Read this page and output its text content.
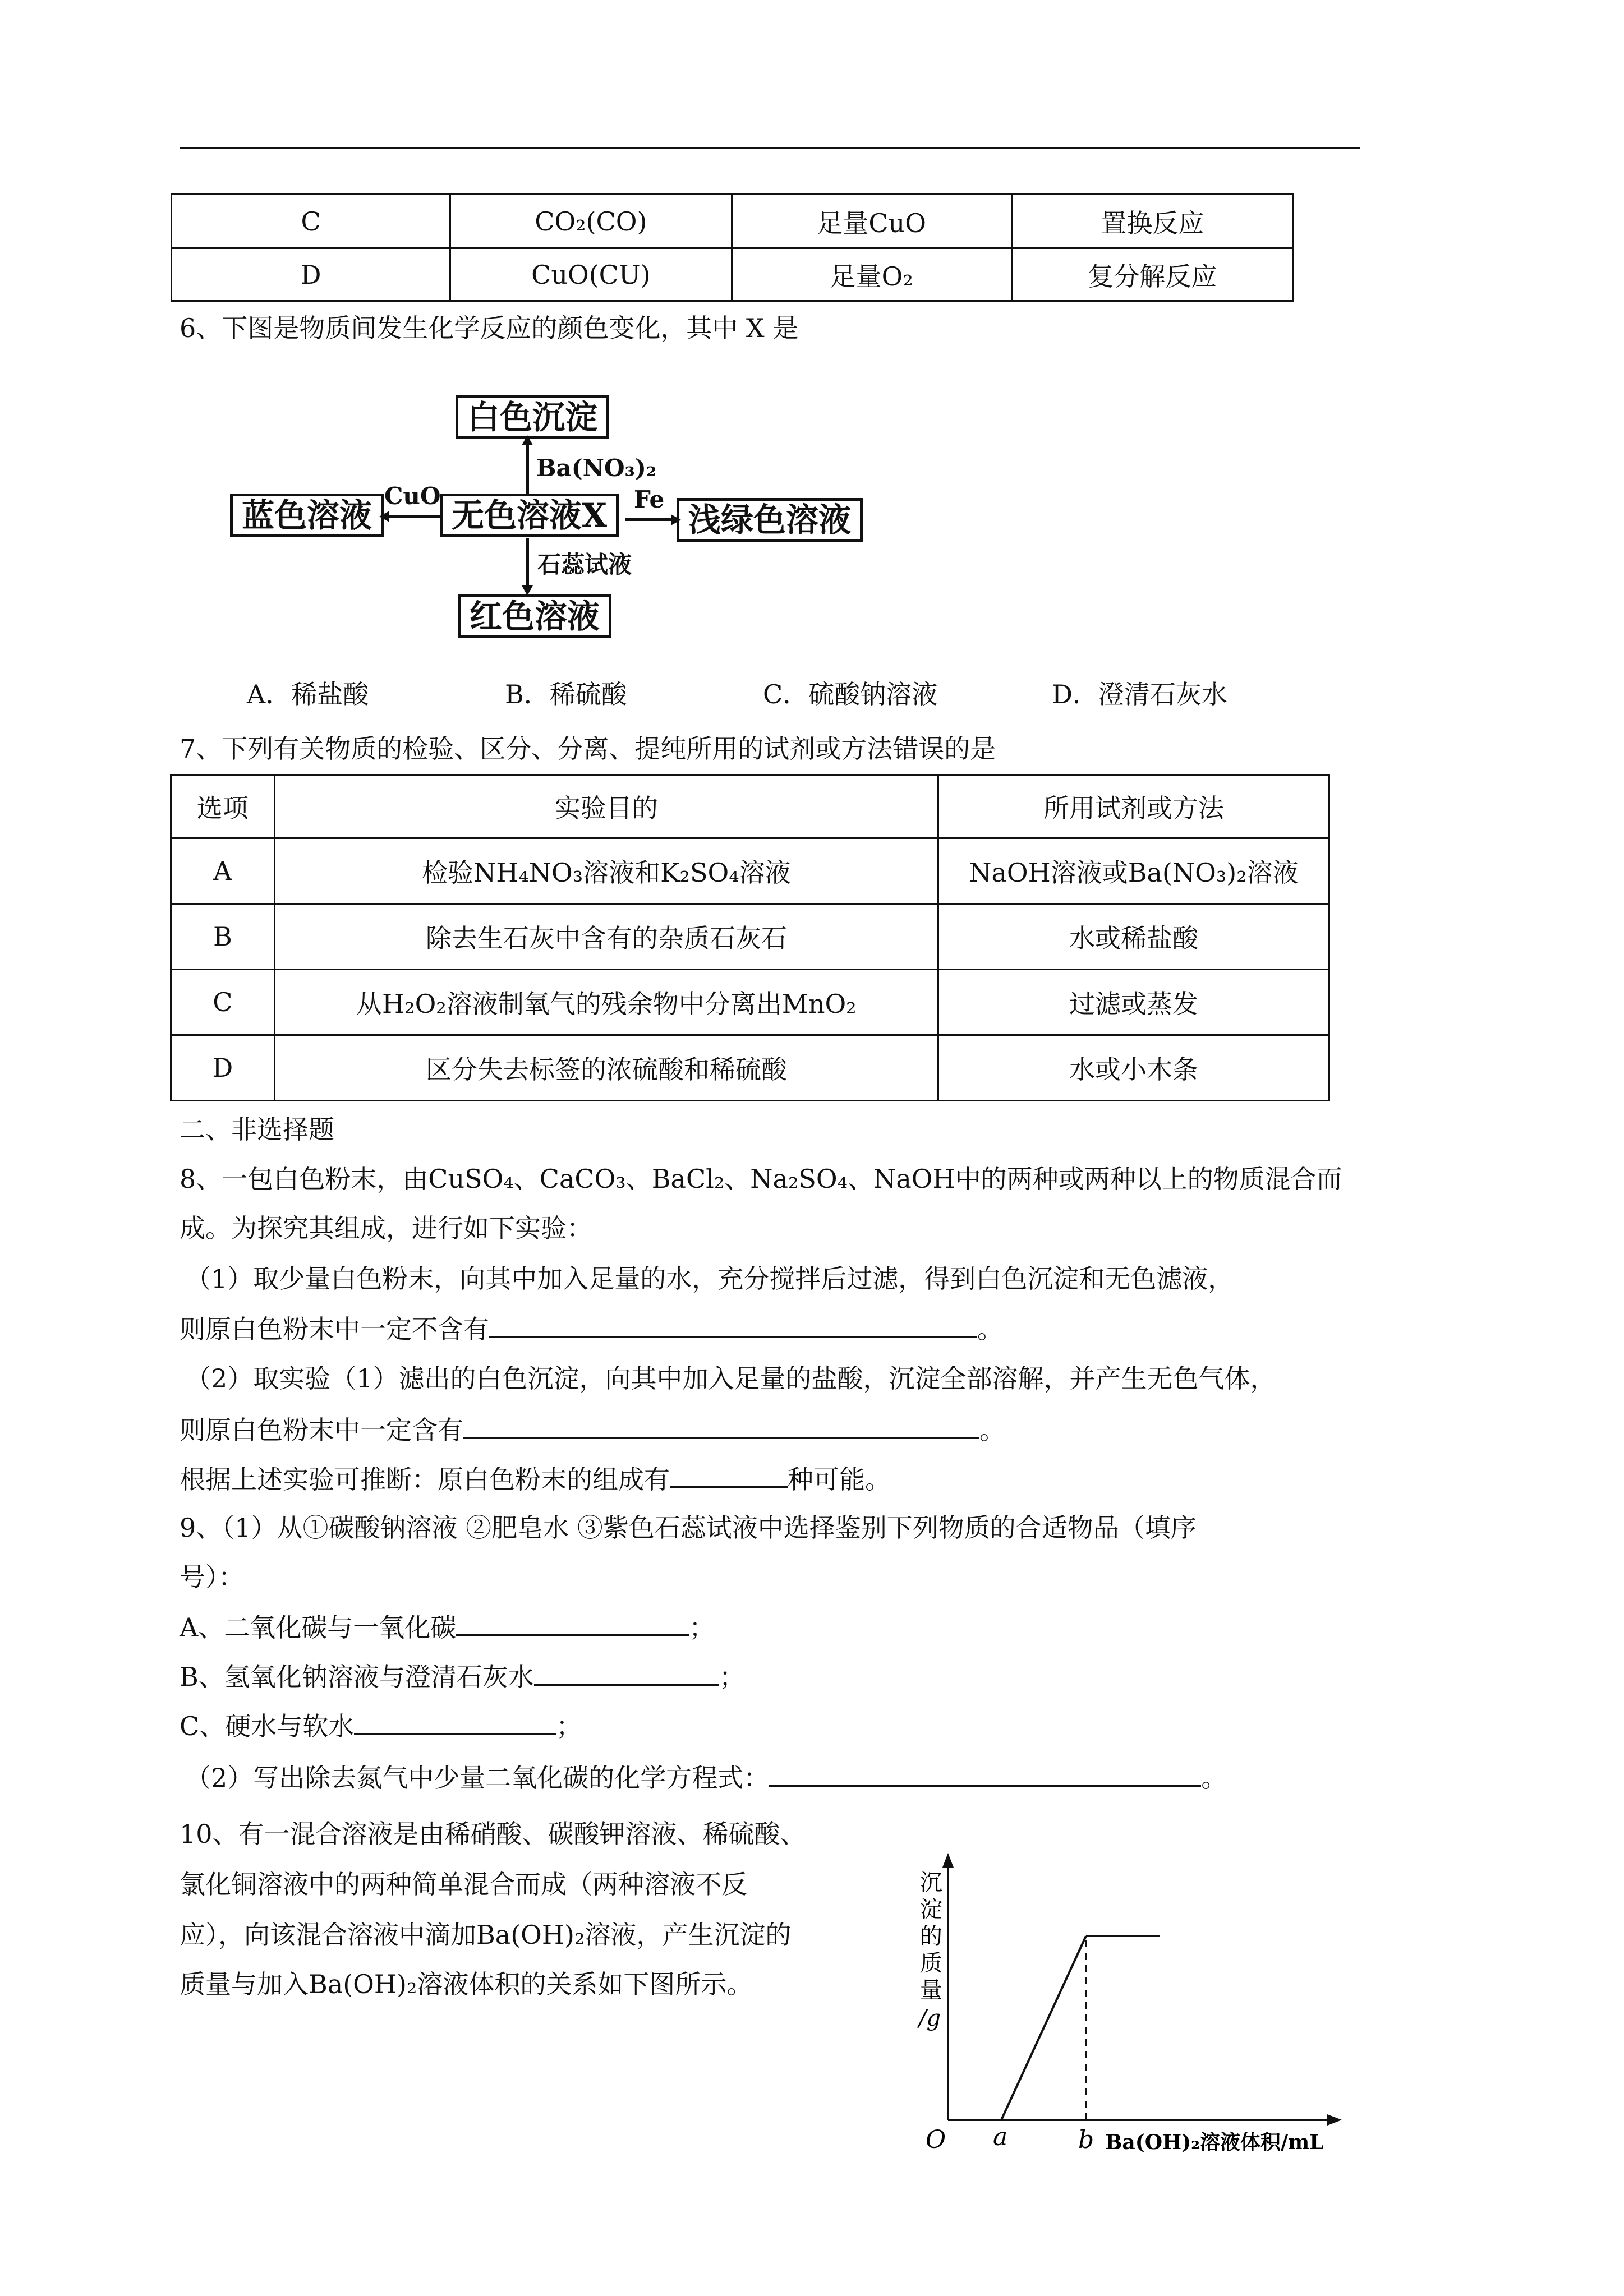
C	CO₂(CO)	足量CuO	置换反应
D	CuO(CU)	足量O₂	复分解反应
6、下图是物质间发生化学反应的颜色变化，其中 X 是
白色沉淀
无色溶液X
蓝色溶液	浅绿色溶液
红色溶液
Ba(NO₃)₂
CuO	Fe
石蕊试液
A．稀盐酸	B．稀硫酸	C．硫酸钠溶液	D．澄清石灰水
7、下列有关物质的检验、区分、分离、提纯所用的试剂或方法错误的是
选项	实验目的	所用试剂或方法
A	检验NH₄NO₃溶液和K₂SO₄溶液	NaOH溶液或Ba(NO₃)₂溶液
B	除去生石灰中含有的杂质石灰石	水或稀盐酸
C	从H₂O₂溶液制氧气的残余物中分离出MnO₂	过滤或蒸发
D	区分失去标签的浓硫酸和稀硫酸	水或小木条
二、非选择题
8、一包白色粉末，由CuSO₄、CaCO₃、BaCl₂、Na₂SO₄、NaOH中的两种或两种以上的物质混合而
成。为探究其组成，进行如下实验：
（1）取少量白色粉末，向其中加入足量的水，充分搅拌后过滤，得到白色沉淀和无色滤液，
则原白色粉末中一定不含有	。
（2）取实验（1）滤出的白色沉淀，向其中加入足量的盐酸，沉淀全部溶解，并产生无色气体，
则原白色粉末中一定含有	。
根据上述实验可推断：原白色粉末的组成有	种可能。
9、（1）从①碳酸钠溶液 ②肥皂水 ③紫色石蕊试液中选择鉴别下列物质的合适物品（填序
号）：
A、二氧化碳与一氧化碳	；
B、氢氧化钠溶液与澄清石灰水	；
C、硬水与软水	；
（2）写出除去氮气中少量二氧化碳的化学方程式：	。
10、有一混合溶液是由稀硝酸、碳酸钾溶液、稀硫酸、
氯化铜溶液中的两种简单混合而成（两种溶液不反
应），向该混合溶液中滴加Ba(OH)₂溶液，产生沉淀的
质量与加入Ba(OH)₂溶液体积的关系如下图所示。
沉
淀
的
质
量
/g
O a	b Ba(OH)₂溶液体积/mL
